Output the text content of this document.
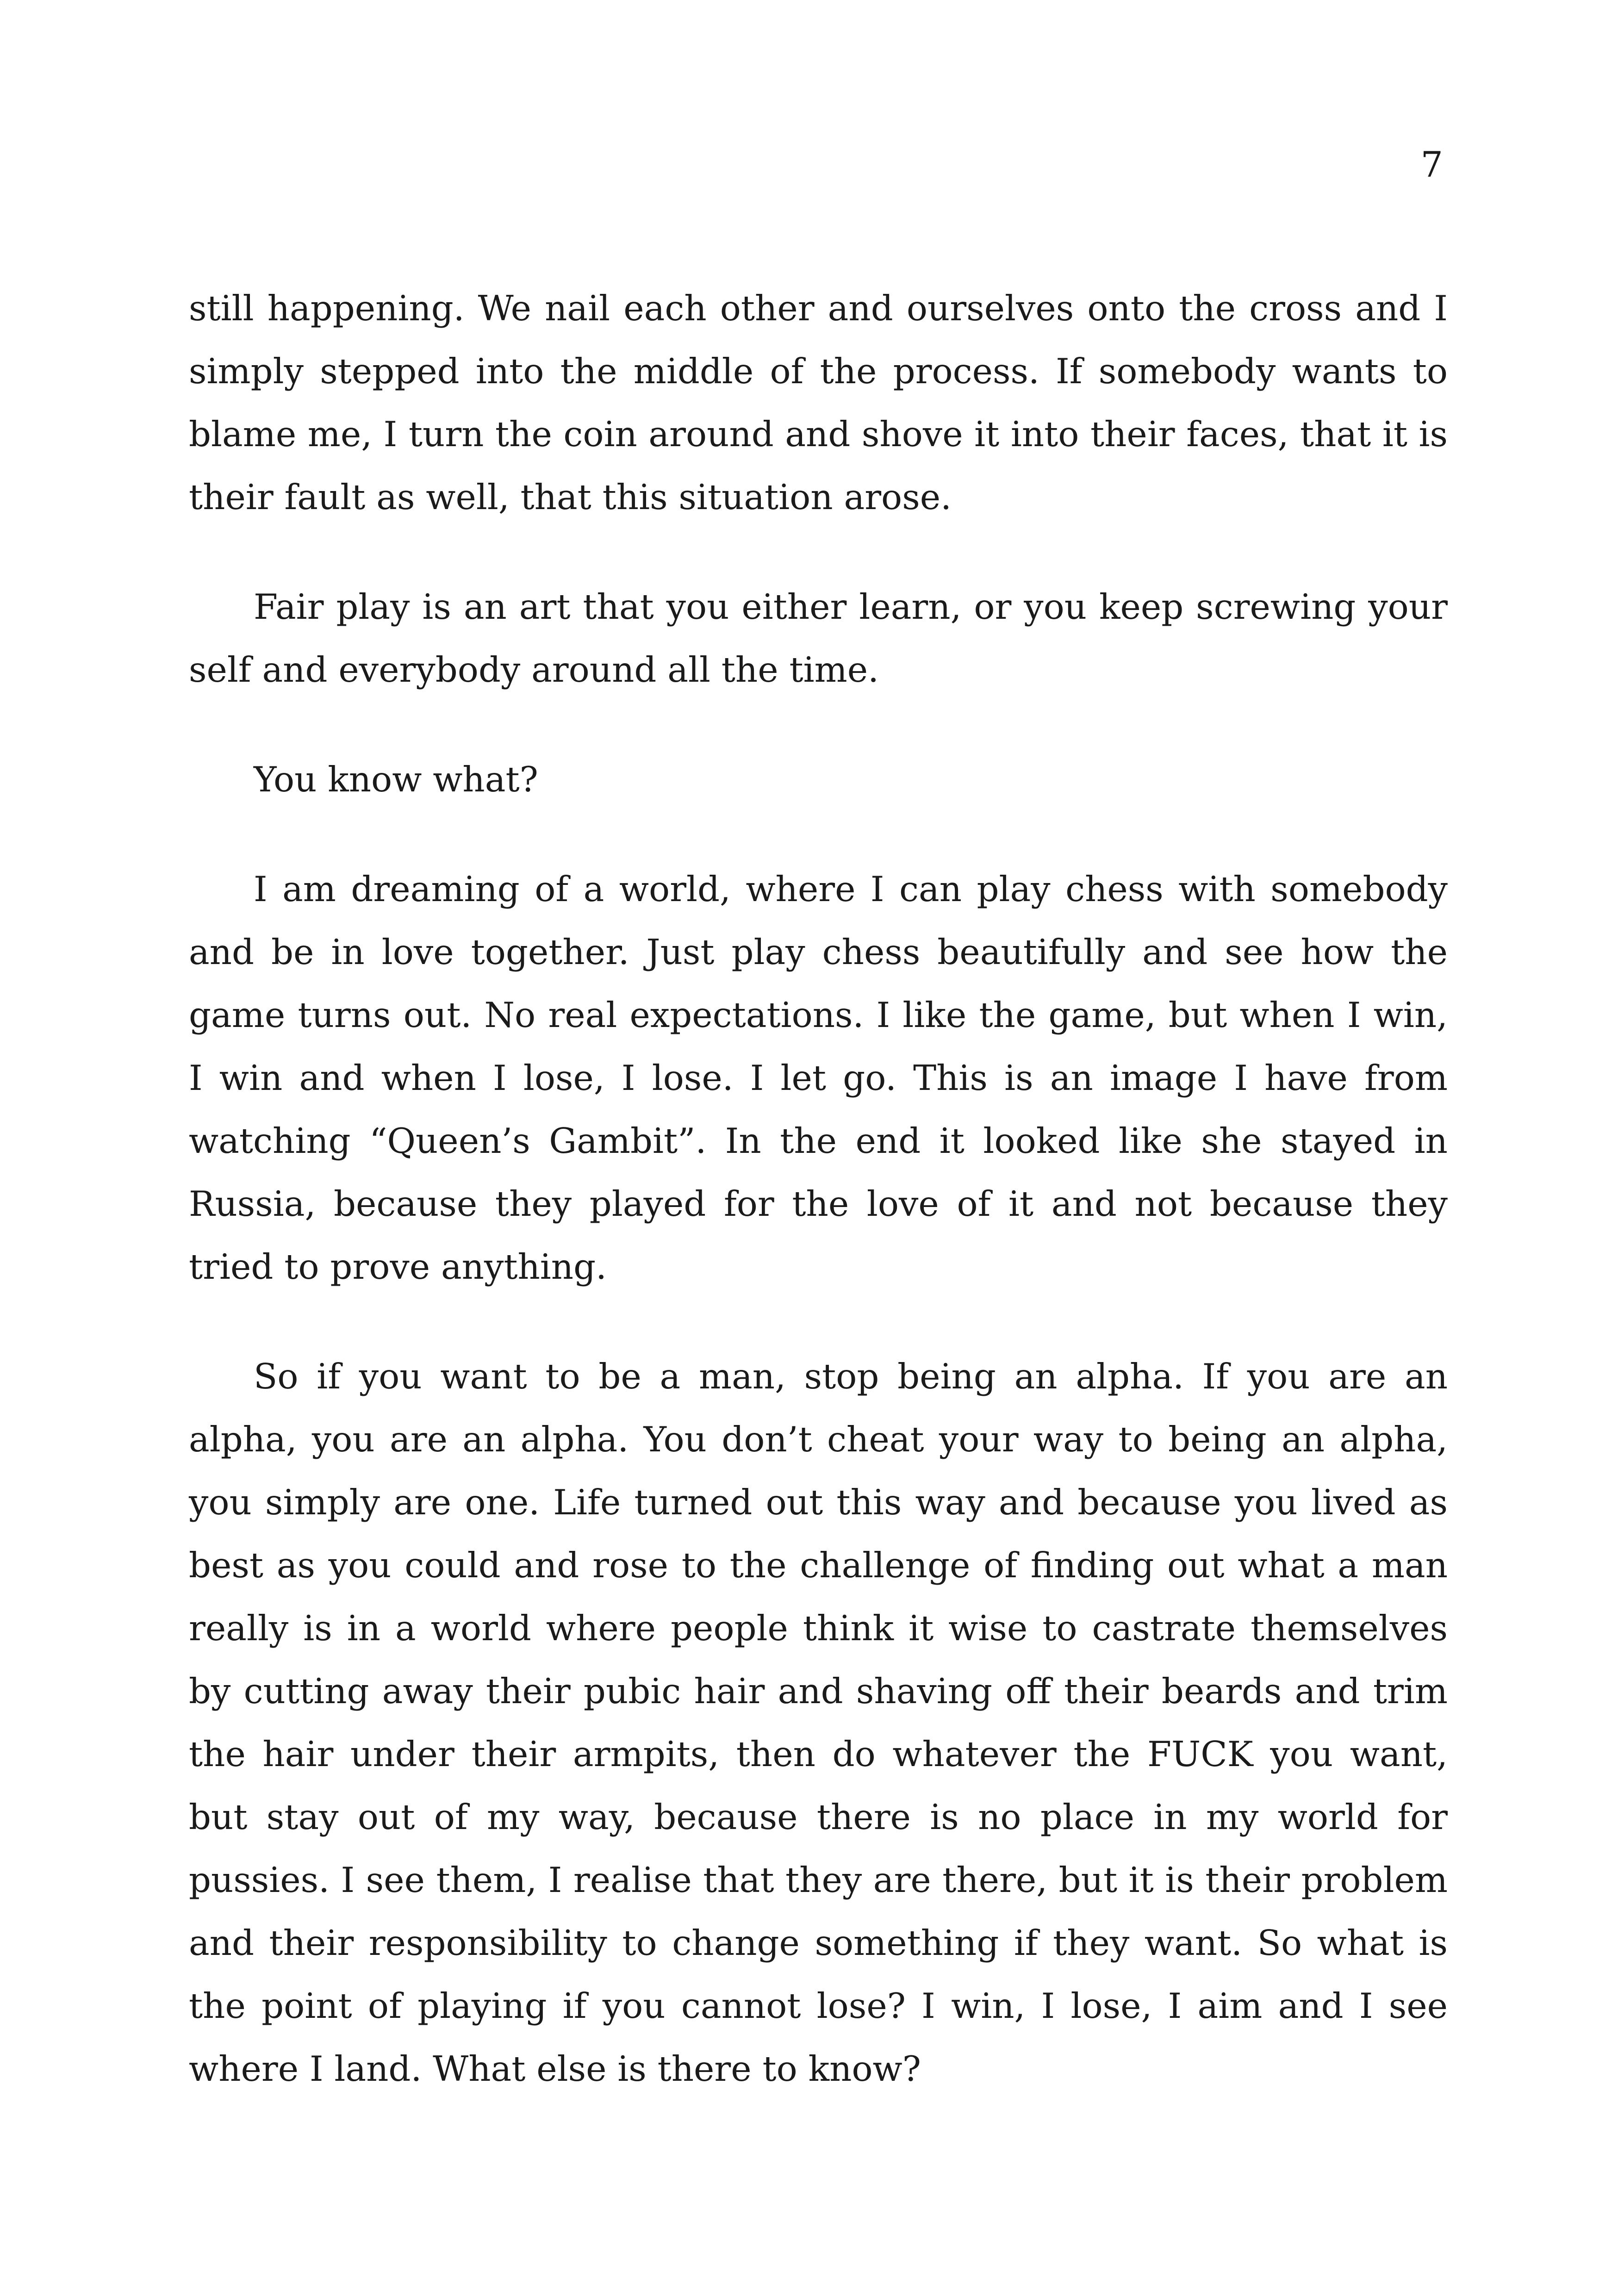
7

still happening. We nail each other and ourselves onto the cross and I simply stepped into the middle of the process. If somebody wants to blame me, I turn the coin around and shove it into their faces, that it is their fault as well, that this situation arose.

Fair play is an art that you either learn, or you keep screwing your self and everybody around all the time.

You know what?

I am dreaming of a world, where I can play chess with somebody and be in love together. Just play chess beautifully and see how the game turns out. No real expectations. I like the game, but when I win, I win and when I lose, I lose. I let go. This is an image I have from watching “Queen’s Gambit”. In the end it looked like she stayed in Russia, because they played for the love of it and not because they tried to prove anything.

So if you want to be a man, stop being an alpha. If you are an alpha, you are an alpha. You don’t cheat your way to being an alpha, you simply are one. Life turned out this way and because you lived as best as you could and rose to the challenge of finding out what a man really is in a world where people think it wise to castrate themselves by cutting away their pubic hair and shaving off their beards and trim the hair under their armpits, then do whatever the FUCK you want, but stay out of my way, because there is no place in my world for pussies. I see them, I realise that they are there, but it is their problem and their responsibility to change something if they want. So what is the point of playing if you cannot lose? I win, I lose, I aim and I see where I land. What else is there to know?
